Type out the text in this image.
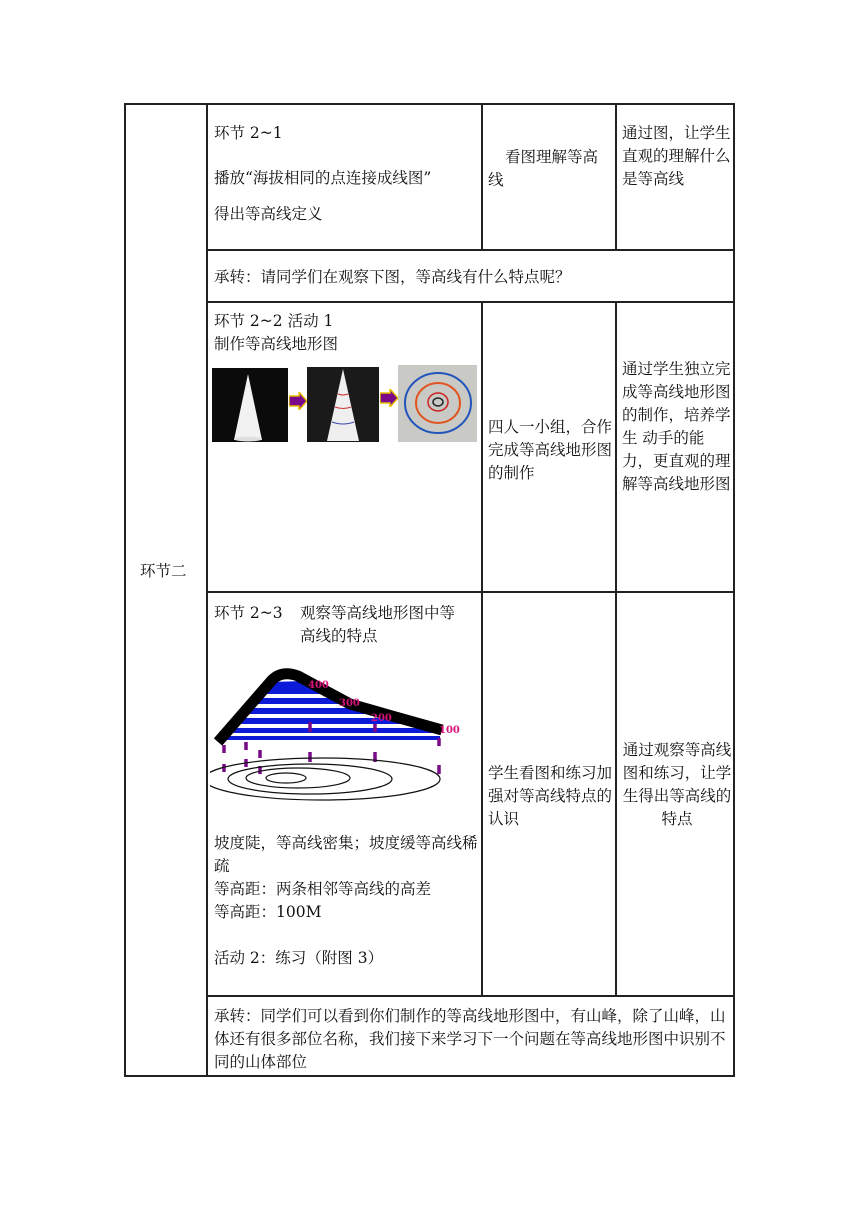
环节二
环节 2~1
播放“海拔相同的点连接成线图”
得出等高线定义
看图理解等高线
通过图，让学生直观的理解什么是等高线
承转：请同学们在观察下图，等高线有什么特点呢？
环节 2~2 活动 1
制作等高线地形图
四人一小组，合作完成等高线地形图的制作
通过学生独立完成等高线地形图的制作，培养学生 动手的能力，更直观的理解等高线地形图
环节 2~3 观察等高线地形图中等
高线的特点
400
300
200
100
坡度陡，等高线密集；坡度缓等高线稀疏
等高距：两条相邻等高线的高差
等高距：100M
活动 2：练习（附图 3）
学生看图和练习加强对等高线特点的认识
通过观察等高线图和练习，让学生得出等高线的特点
承转：同学们可以看到你们制作的等高线地形图中，有山峰，除了山峰，山体还有很多部位名称，我们接下来学习下一个问题在等高线地形图中识别不同的山体部位
